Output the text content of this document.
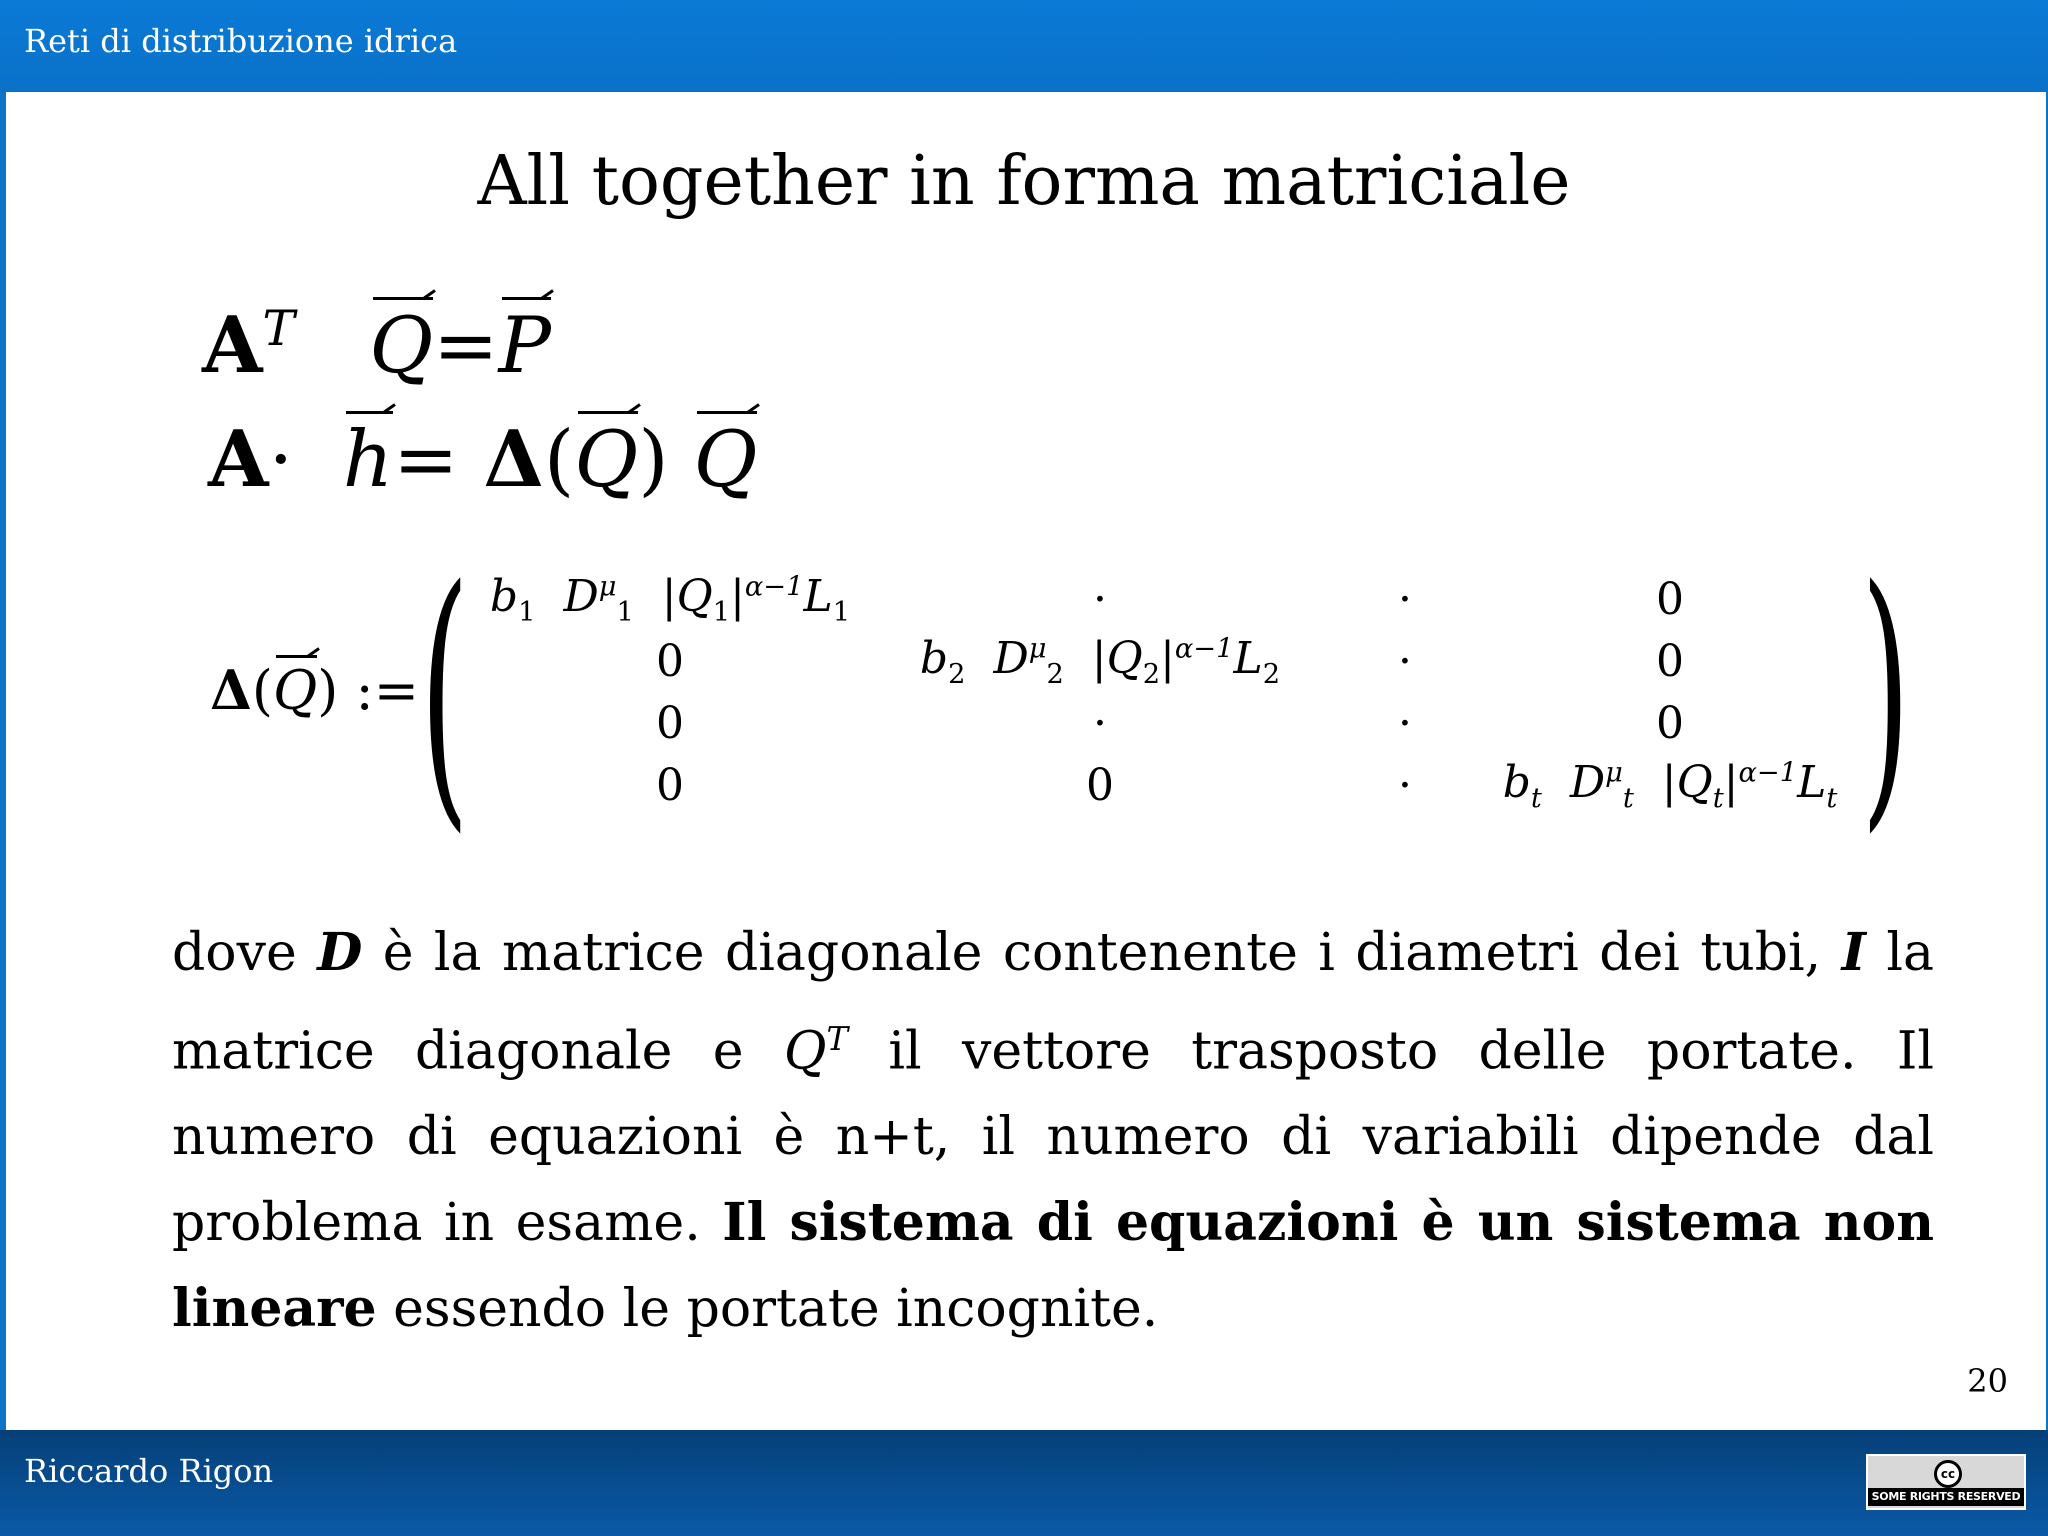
Reti di distribuzione idrica
All together in forma matriciale
$A^T$ Q=P
A· h= Δ(Q) Q
Δ(Q) := (	)
$b_1$ $D^\mu_1$ $|Q_1|^{\alpha-1}L_1$	·	·	0
0	$b_2$ $D^\mu_2$ $|Q_2|^{\alpha-1}L_2$	·	0
0	·	·	0
0	0	·	$b_t$ $D^\mu_t$ $|Q_t|^{\alpha-1}L_t$
dove D è la matrice diagonale contenente i diametri dei tubi, I la matrice diagonale e $Q^T$ il vettore trasposto delle portate. Il numero di equazioni è n+t, il numero di variabili dipende dal problema in esame. Il sistema di equazioni è un sistema non lineare essendo le portate incognite.
20
Riccardo Rigon	cc
SOME RIGHTS RESERVED
